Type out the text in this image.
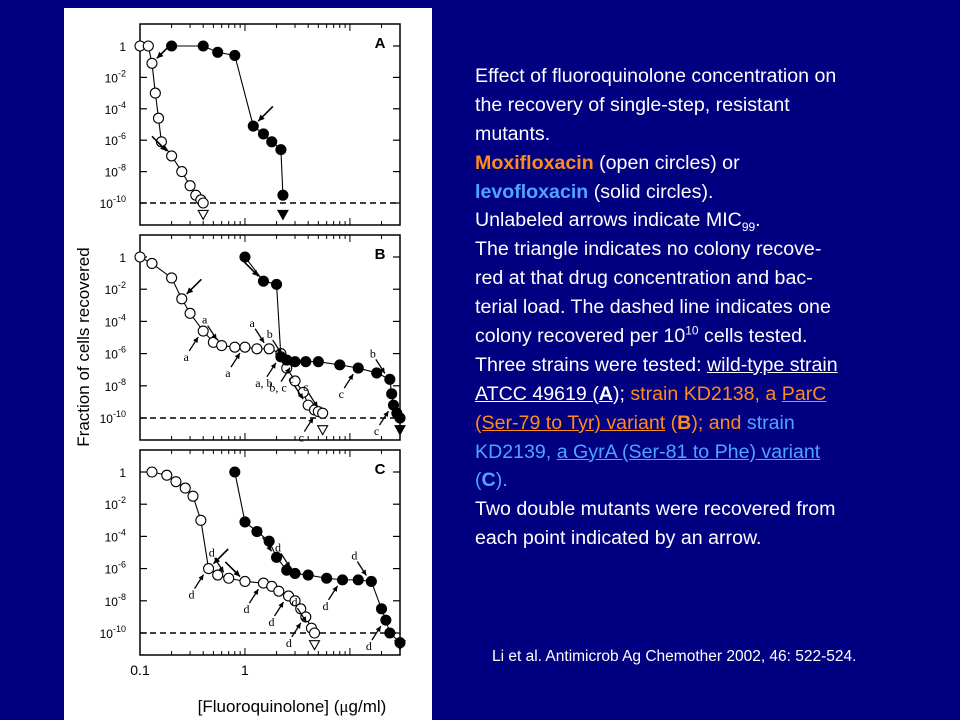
Fraction of cells recovered
[Fluoroquinolone] (μg/ml)
A
1
$10^{-2}$
$10^{-4}$
$10^{-6}$
$10^{-8}$
$10^{-10}$
B
1
$10^{-2}$
$10^{-4}$
$10^{-6}$
$10^{-8}$
$10^{-10}$
a
a
a
a
a, b
b
b, c
c
c
c	c
b
c
C
1
$10^{-2}$
$10^{-4}$
$10^{-6}$
$10^{-8}$
$10^{-10}$
d
d
d
d
d
d
d
d d
d
d
0.1	1
Effect of fluoroquinolone concentration on
the recovery of single-step, resistant
mutants.
Moxifloxacin (open circles) or
levofloxacin (solid circles).
Unlabeled arrows indicate $MIC_{99}$.
The triangle indicates no colony recove-
red at that drug concentration and bac-
terial load. The dashed line indicates one
colony recovered per $10^{10}$ cells tested.
Three strains were tested: wild-type strain
ATCC 49619 (A); strain KD2138, a ParC
(Ser-79 to Tyr) variant (B); and strain
KD2139, a GyrA (Ser-81 to Phe) variant
(C).
Two double mutants were recovered from
each point indicated by an arrow.
Li et al. Antimicrob Ag Chemother 2002, 46: 522-524.
